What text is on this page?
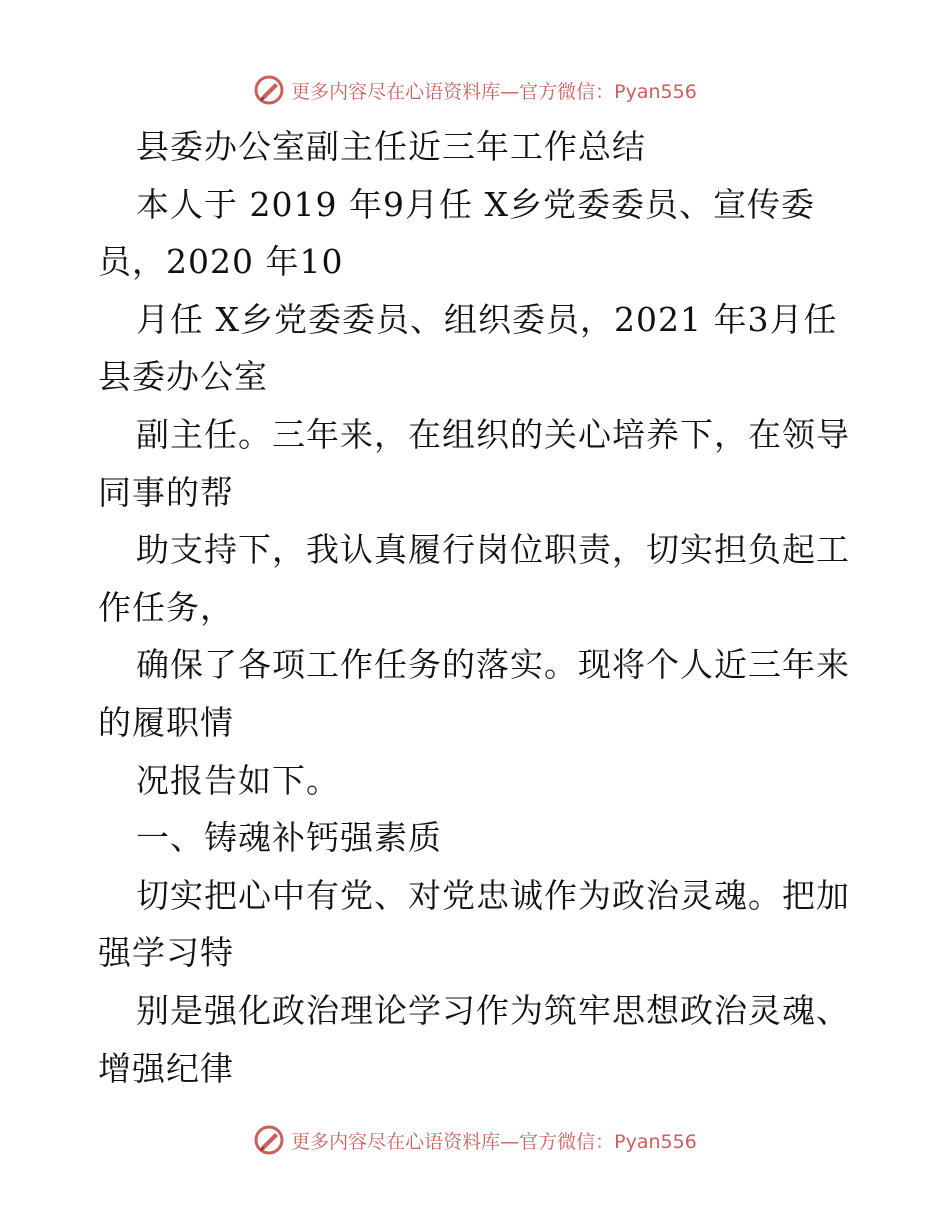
更多内容尽在心语资料库—官方微信：Pyan556
县委办公室副主任近三年工作总结
本人于 2019 年9月任 X乡党委委员、宣传委
员，2020 年10
月任 X乡党委委员、组织委员，2021 年3月任
县委办公室
副主任。三年来，在组织的关心培养下，在领导
同事的帮
助支持下，我认真履行岗位职责，切实担负起工
作任务，
确保了各项工作任务的落实。现将个人近三年来
的履职情
况报告如下。
一、铸魂补钙强素质
切实把心中有党、对党忠诚作为政治灵魂。把加
强学习特
别是强化政治理论学习作为筑牢思想政治灵魂、
增强纪律
更多内容尽在心语资料库—官方微信：Pyan556
